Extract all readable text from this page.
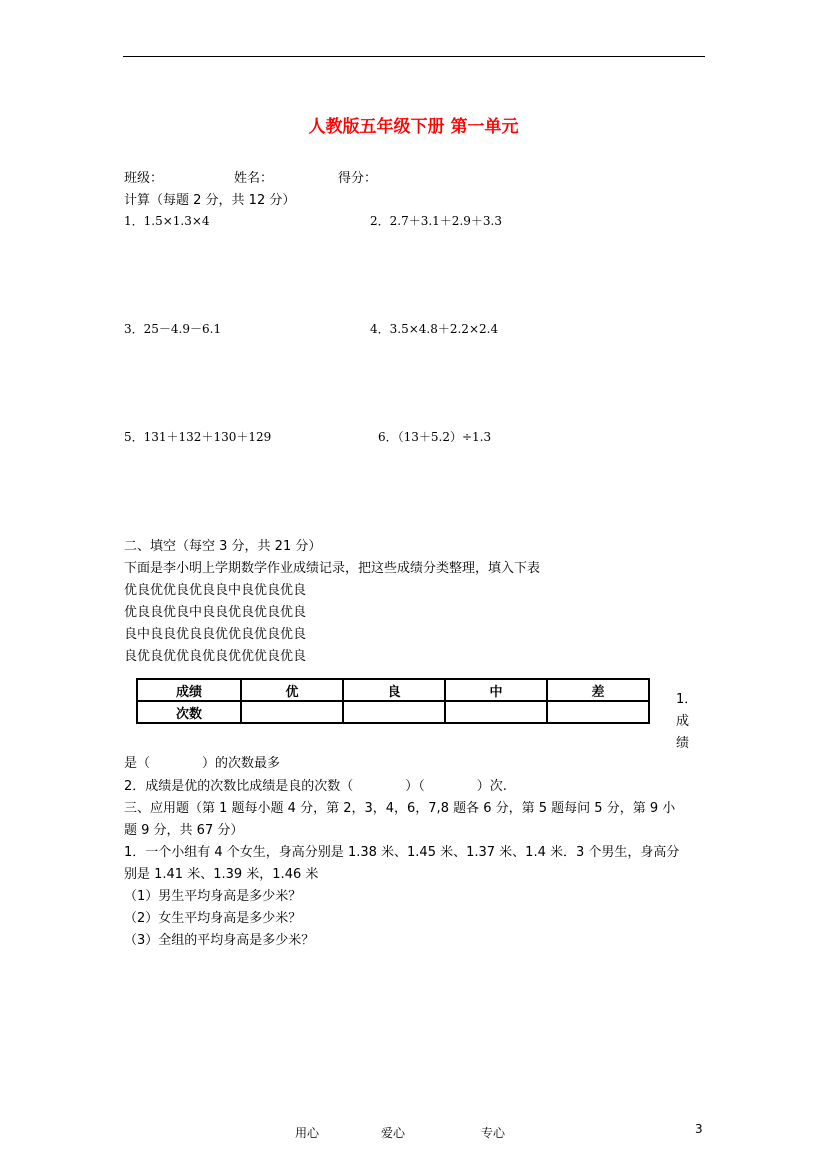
人教版五年级下册 第一单元
班级：	姓名：	得分：
计算（每题 2 分，共 12 分）
1．1.5×1.3×4	2．2.7＋3.1＋2.9＋3.3
3．25－4.9－6.1	4．3.5×4.8＋2.2×2.4
5．131＋132＋130＋129	6．（13＋5.2）÷1.3
二、填空（每空 3 分，共 21 分）
下面是李小明上学期数学作业成绩记录，把这些成绩分类整理，填入下表
优良优优良优良良中良优良优良
优良良优良中良良优良优良优良
良中良良优良良优优良优良优良
良优良优优良优良优优优良优良
成绩	优	良	中	差
次数				
1．
成
绩
是（　　　　）的次数最多
2．成绩是优的次数比成绩是良的次数（　　　　）（　　　　）次.
三、应用题（第 1 题每小题 4 分，第 2，3，4，6，7,8 题各 6 分，第 5 题每问 5 分，第 9 小
题 9 分，共 67 分）
1．一个小组有 4 个女生，身高分别是 1.38 米、1.45 米、1.37 米、1.4 米．3 个男生，身高分
别是 1.41 米、1.39 米，1.46 米
（1）男生平均身高是多少米？
（2）女生平均身高是多少米？
（3）全组的平均身高是多少米？
用心	爱心	专心	3
